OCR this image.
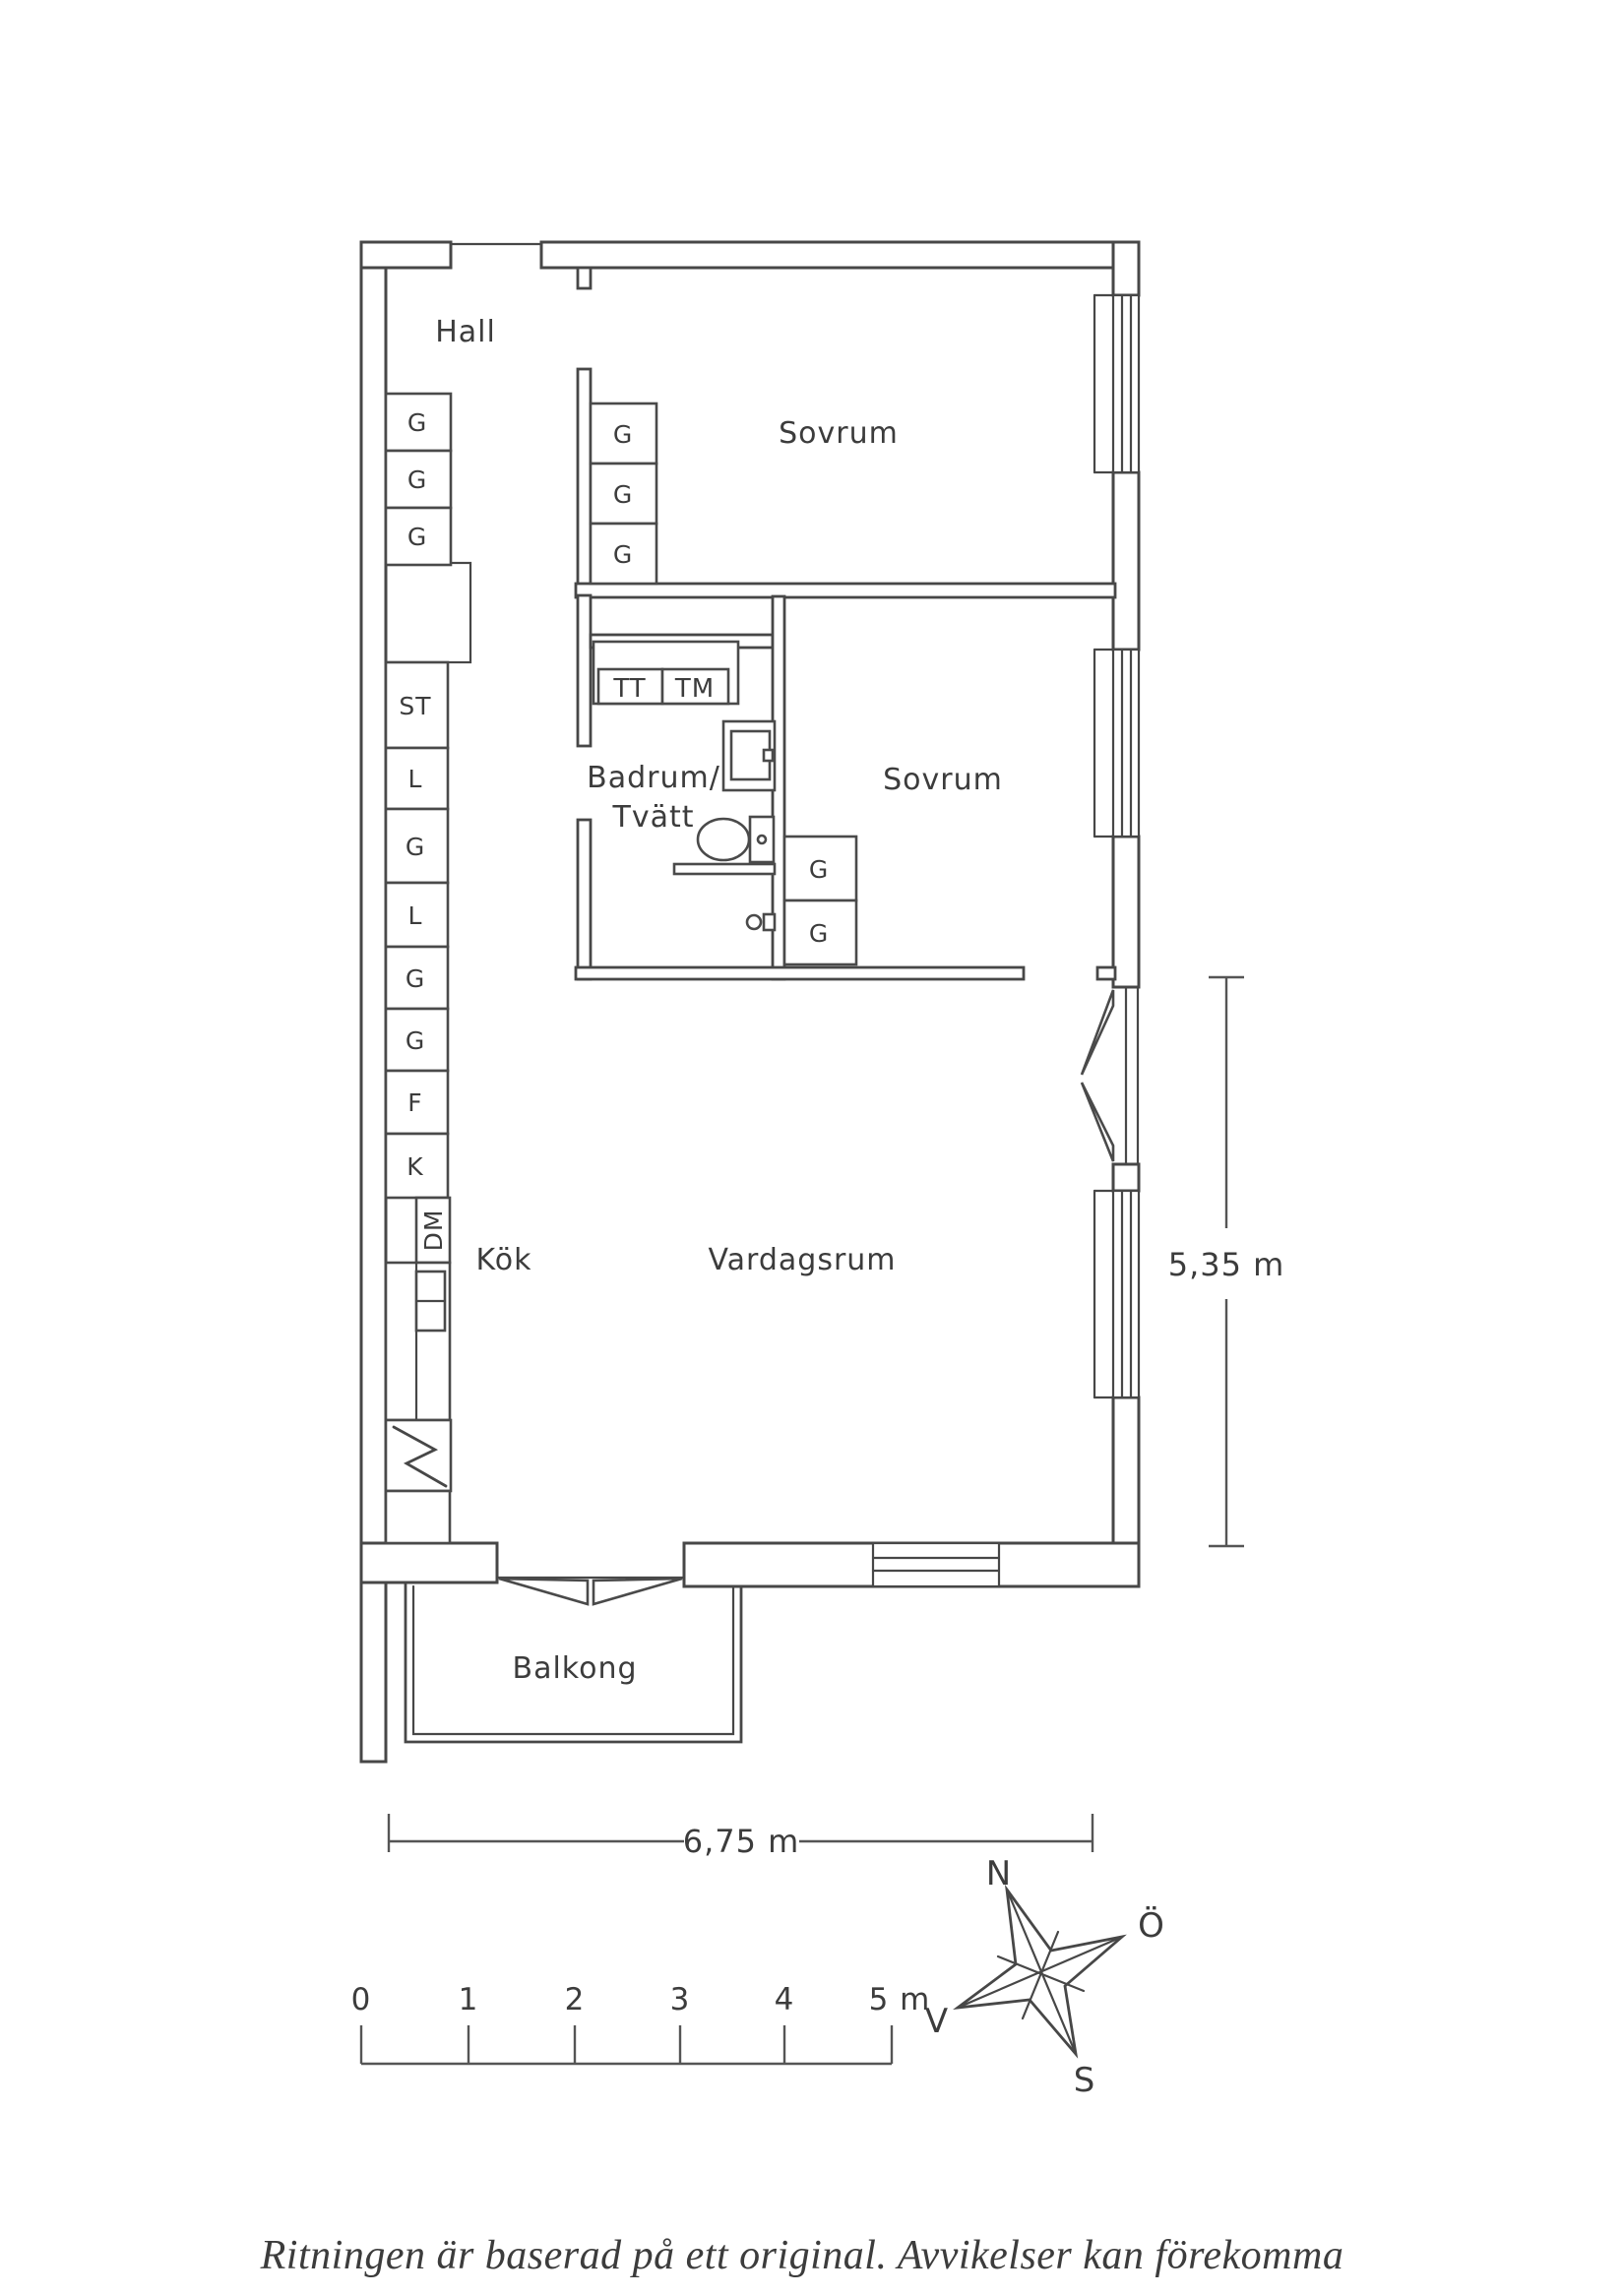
G
G
G
G
G
G
ST
L
G
L
G
G
F
K
DM
G
G
TT TM
Hall
Sovrum
Badrum/
Tvätt
Sovrum
Kök	Vardagsrum
Balkong
5,35 m
6,75 m
0	1	2	3	4 5 m
N
Ö
V
S
Ritningen är baserad på ett original. Avvikelser kan förekomma
